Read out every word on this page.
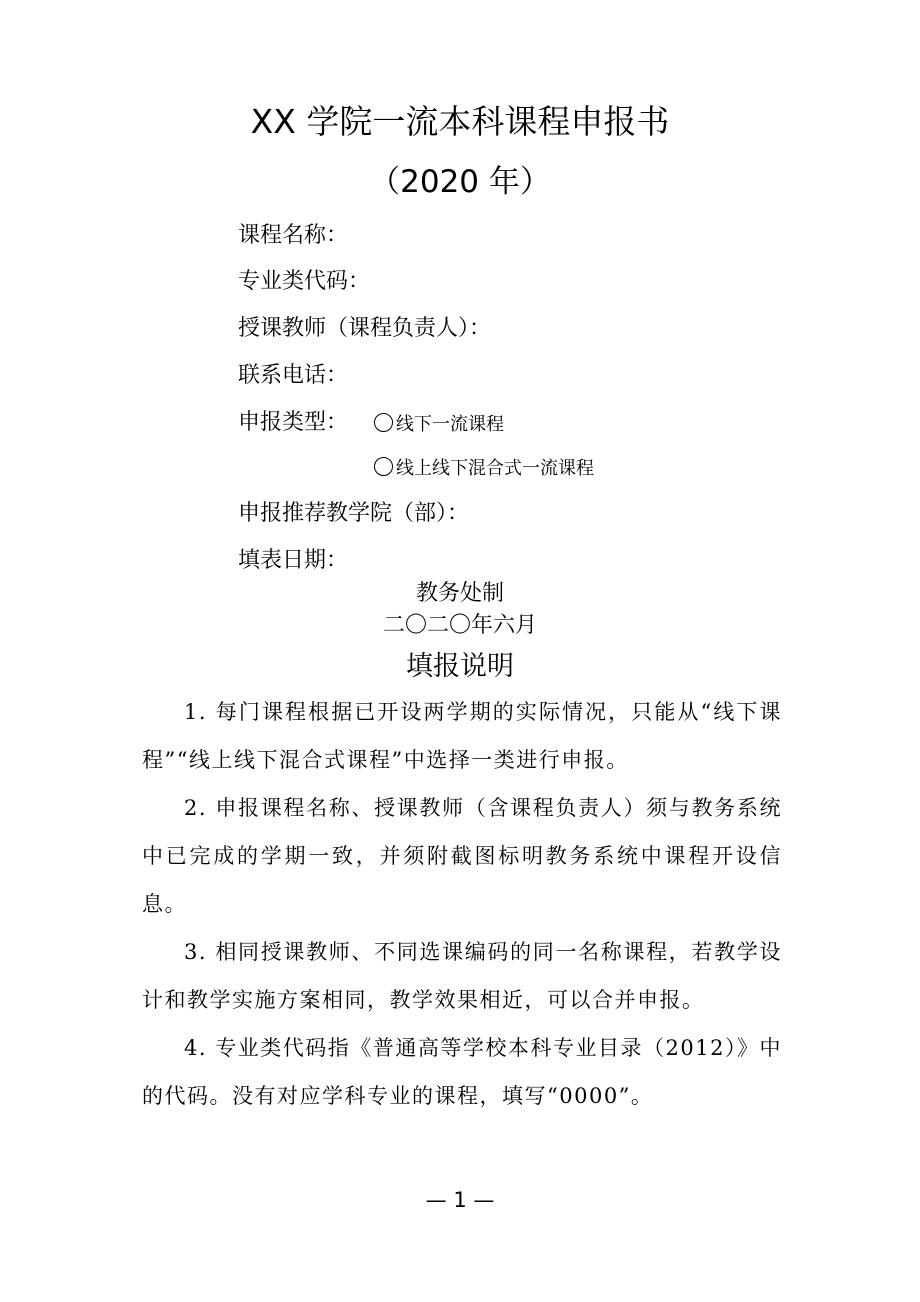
XX 学院一流本科课程申报书
（2020 年）
课程名称：
专业类代码：
授课教师（课程负责人）：
联系电话：
申报类型：	线下一流课程
线上线下混合式一流课程
申报推荐教学院（部）：
填表日期：
教务处制
二〇二〇年六月
填报说明
1. 每门课程根据已开设两学期的实际情况，只能从“线下课程”“线上线下混合式课程”中选择一类进行申报。
2. 申报课程名称、授课教师（含课程负责人）须与教务系统中已完成的学期一致，并须附截图标明教务系统中课程开设信息。
3. 相同授课教师、不同选课编码的同一名称课程，若教学设计和教学实施方案相同，教学效果相近，可以合并申报。
4. 专业类代码指《普通高等学校本科专业目录（2012）》中的代码。没有对应学科专业的课程，填写“0000”。
— 1 —
